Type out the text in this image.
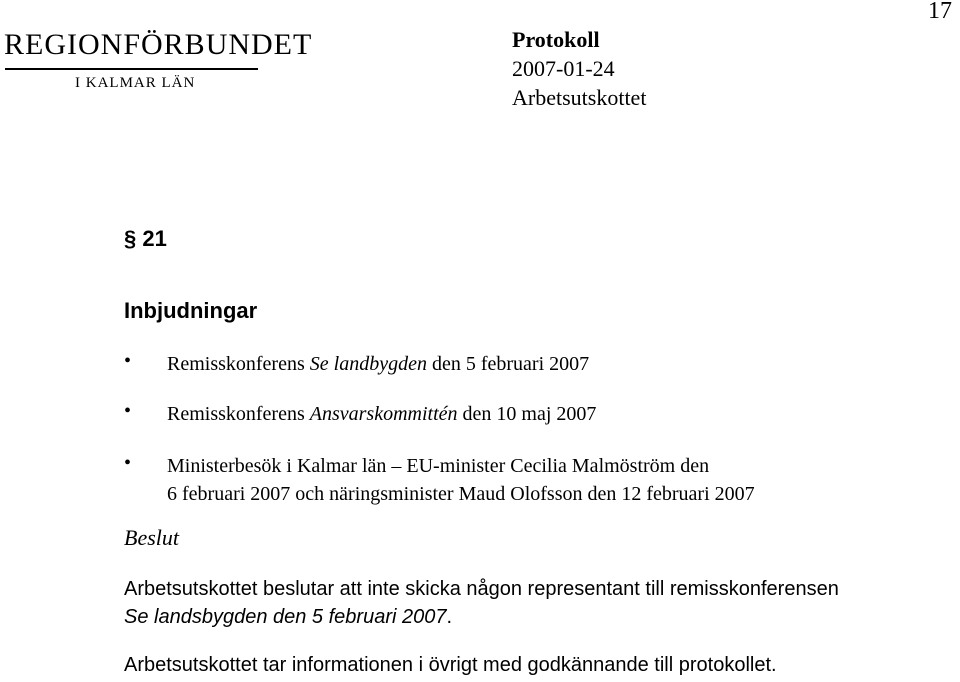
REGIONFÖRBUNDET
I KALMAR LÄN
17
Protokoll
2007-01-24
Arbetsutskottet
§ 21
Inbjudningar
• Remisskonferens Se landbygden den 5 februari 2007
• Remisskonferens Ansvarskommittén den 10 maj 2007
• Ministerbesök i Kalmar län – EU-minister Cecilia Malmöström den
6 februari 2007 och näringsminister Maud Olofsson den 12 februari 2007
Beslut
Arbetsutskottet beslutar att inte skicka någon representant till remisskonferensen
Se landsbygden den 5 februari 2007.
Arbetsutskottet tar informationen i övrigt med godkännande till protokollet.
